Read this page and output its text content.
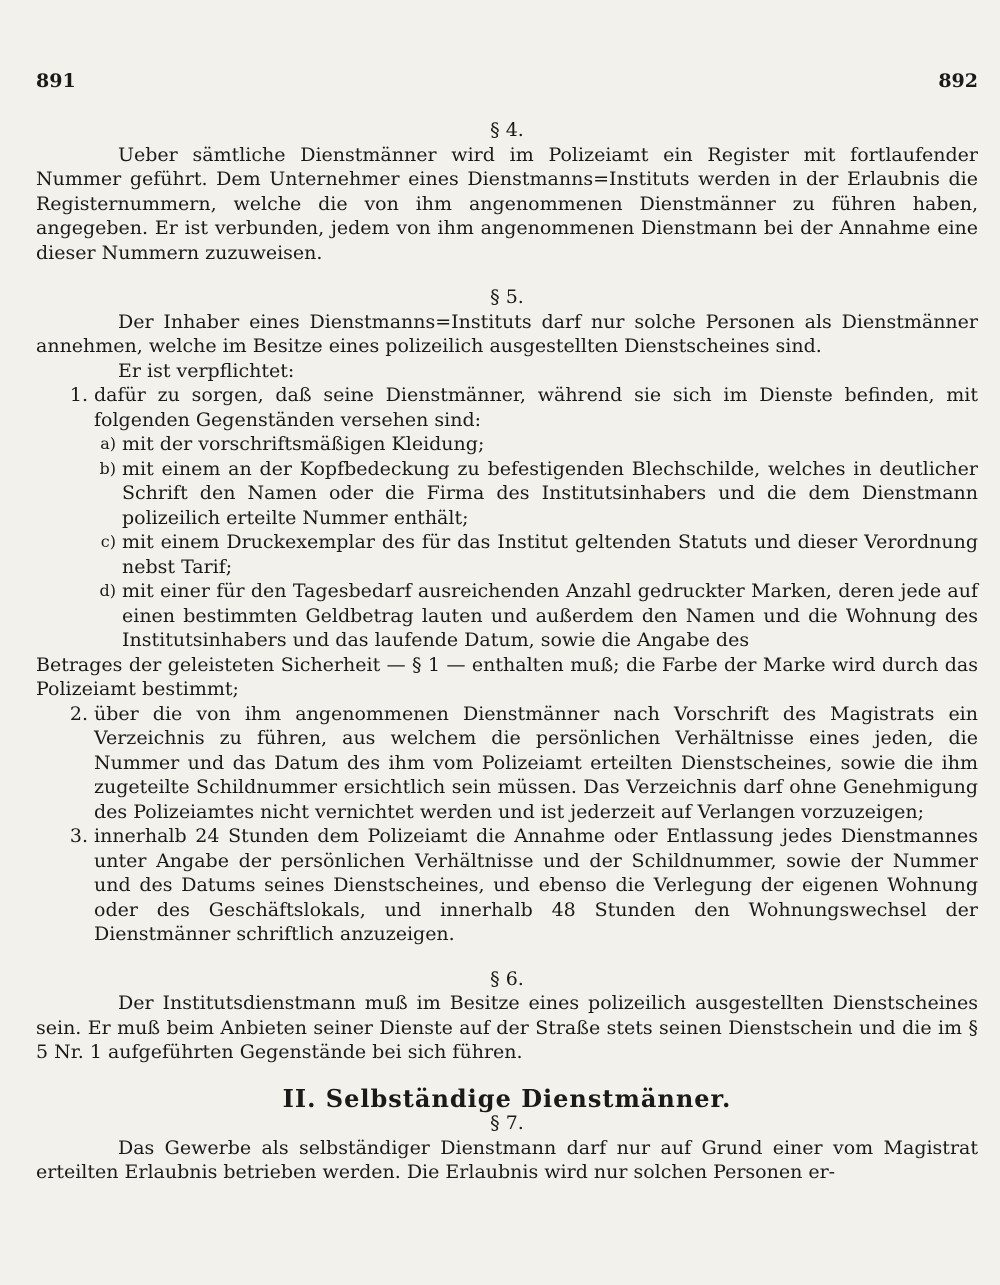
891	892

§ 4.

Ueber sämtliche Dienstmänner wird im Polizeiamt ein Register mit fortlaufender Nummer geführt. Dem Unternehmer eines Dienstmanns=Instituts werden in der Erlaubnis die Registernummern, welche die von ihm angenommenen Dienstmänner zu führen haben, angegeben. Er ist verbunden, jedem von ihm angenommenen Dienstmann bei der Annahme eine dieser Nummern zuzuweisen.

§ 5.

Der Inhaber eines Dienstmanns=Instituts darf nur solche Personen als Dienstmänner annehmen, welche im Besitze eines polizeilich ausgestellten Dienstscheines sind.

Er ist verpflichtet:

1. dafür zu sorgen, daß seine Dienstmänner, während sie sich im Dienste befinden, mit folgenden Gegenständen versehen sind:
a) mit der vorschriftsmäßigen Kleidung;
b) mit einem an der Kopfbedeckung zu befestigenden Blechschilde, welches in deutlicher Schrift den Namen oder die Firma des Institutsinhabers und die dem Dienstmann polizeilich erteilte Nummer enthält;
c) mit einem Druckexemplar des für das Institut geltenden Statuts und dieser Verordnung nebst Tarif;
d) mit einer für den Tagesbedarf ausreichenden Anzahl gedruckter Marken, deren jede auf einen bestimmten Geldbetrag lauten und außerdem den Namen und die Wohnung des Institutsinhabers und das laufende Datum, sowie die Angabe des

Betrages der geleisteten Sicherheit — § 1 — enthalten muß; die Farbe der Marke wird durch das Polizeiamt bestimmt;

2. über die von ihm angenommenen Dienstmänner nach Vorschrift des Magistrats ein Verzeichnis zu führen, aus welchem die persönlichen Verhältnisse eines jeden, die Nummer und das Datum des ihm vom Polizeiamt erteilten Dienstscheines, sowie die ihm zugeteilte Schildnummer ersichtlich sein müssen. Das Verzeichnis darf ohne Genehmigung des Polizeiamtes nicht vernichtet werden und ist jederzeit auf Verlangen vorzuzeigen;
3. innerhalb 24 Stunden dem Polizeiamt die Annahme oder Entlassung jedes Dienstmannes unter Angabe der persönlichen Verhältnisse und der Schildnummer, sowie der Nummer und des Datums seines Dienstscheines, und ebenso die Verlegung der eigenen Wohnung oder des Geschäftslokals, und innerhalb 48 Stunden den Wohnungswechsel der Dienstmänner schriftlich anzuzeigen.

§ 6.

Der Institutsdienstmann muß im Besitze eines polizeilich ausgestellten Dienstscheines sein. Er muß beim Anbieten seiner Dienste auf der Straße stets seinen Dienstschein und die im § 5 Nr. 1 aufgeführten Gegenstände bei sich führen.

II. Selbständige Dienstmänner.

§ 7.

Das Gewerbe als selbständiger Dienstmann darf nur auf Grund einer vom Magistrat erteilten Erlaubnis betrieben werden. Die Erlaubnis wird nur solchen Personen er-
